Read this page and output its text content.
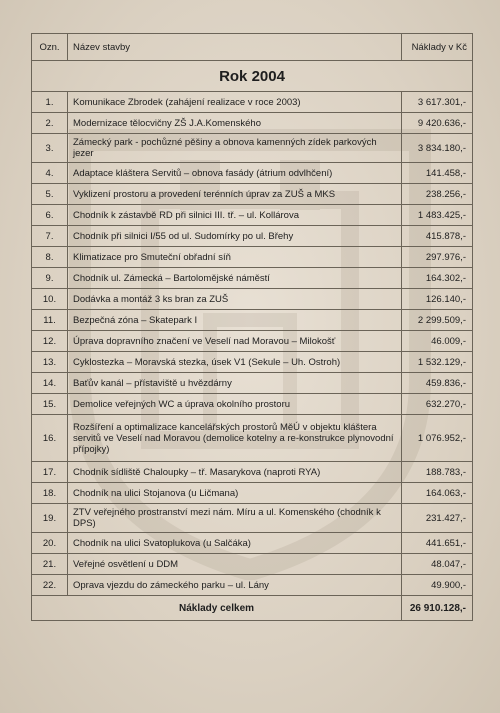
Ozn.	Název stavby	Náklady v Kč
Rok 2004		
1.	Komunikace Zbrodek (zahájení realizace v roce 2003)	3 617.301,-
2.	Modernizace tělocvičny ZŠ J.A.Komenského	9 420.636,-
3.	Zámecký park - pochůzné pěšiny a obnova kamenných zídek parkových jezer	3 834.180,-
4.	Adaptace kláštera Servitů – obnova fasády (átrium odvlhčení)	141.458,-
5.	Vyklizení prostoru a provedení terénních úprav za ZUŠ a MKS	238.256,-
6.	Chodník k zástavbě RD při silnici III. tř. – ul. Kollárova	1 483.425,-
7.	Chodník při silnici I/55 od ul. Sudomírky po ul. Břehy	415.878,-
8.	Klimatizace pro Smuteční obřadní síň	297.976,-
9.	Chodník ul. Zámecká – Bartolomějské náměstí	164.302,-
10.	Dodávka a montáž 3 ks bran za ZUŠ	126.140,-
11.	Bezpečná zóna – Skatepark I	2 299.509,-
12.	Úprava dopravního značení ve Veselí nad Moravou – Milokošť	46.009,-
13.	Cyklostezka – Moravská stezka, úsek V1 (Sekule – Uh. Ostroh)	1 532.129,-
14.	Baťův kanál – přístaviště u hvězdárny	459.836,-
15.	Demolice veřejných WC a úprava okolního prostoru	632.270,-
16.	Rozšíření a optimalizace kancelářských prostorů MěÚ v objektu kláštera servitů ve Veselí nad Moravou (demolice kotelny a re-konstrukce plynovodní přípojky)	1 076.952,-
17.	Chodník sídliště Chaloupky – tř. Masarykova (naproti RYA)	188.783,-
18.	Chodník na ulici Stojanova (u Ličmana)	164.063,-
19.	ZTV veřejného prostranství mezi nám. Míru a ul. Komenského (chodník k DPS)	231.427,-
20.	Chodník na ulici Svatoplukova (u Salčáka)	441.651,-
21.	Veřejné osvětlení u DDM	48.047,-
22.	Oprava vjezdu do zámeckého parku – ul. Lány	49.900,-
Náklady celkem		26 910.128,-
